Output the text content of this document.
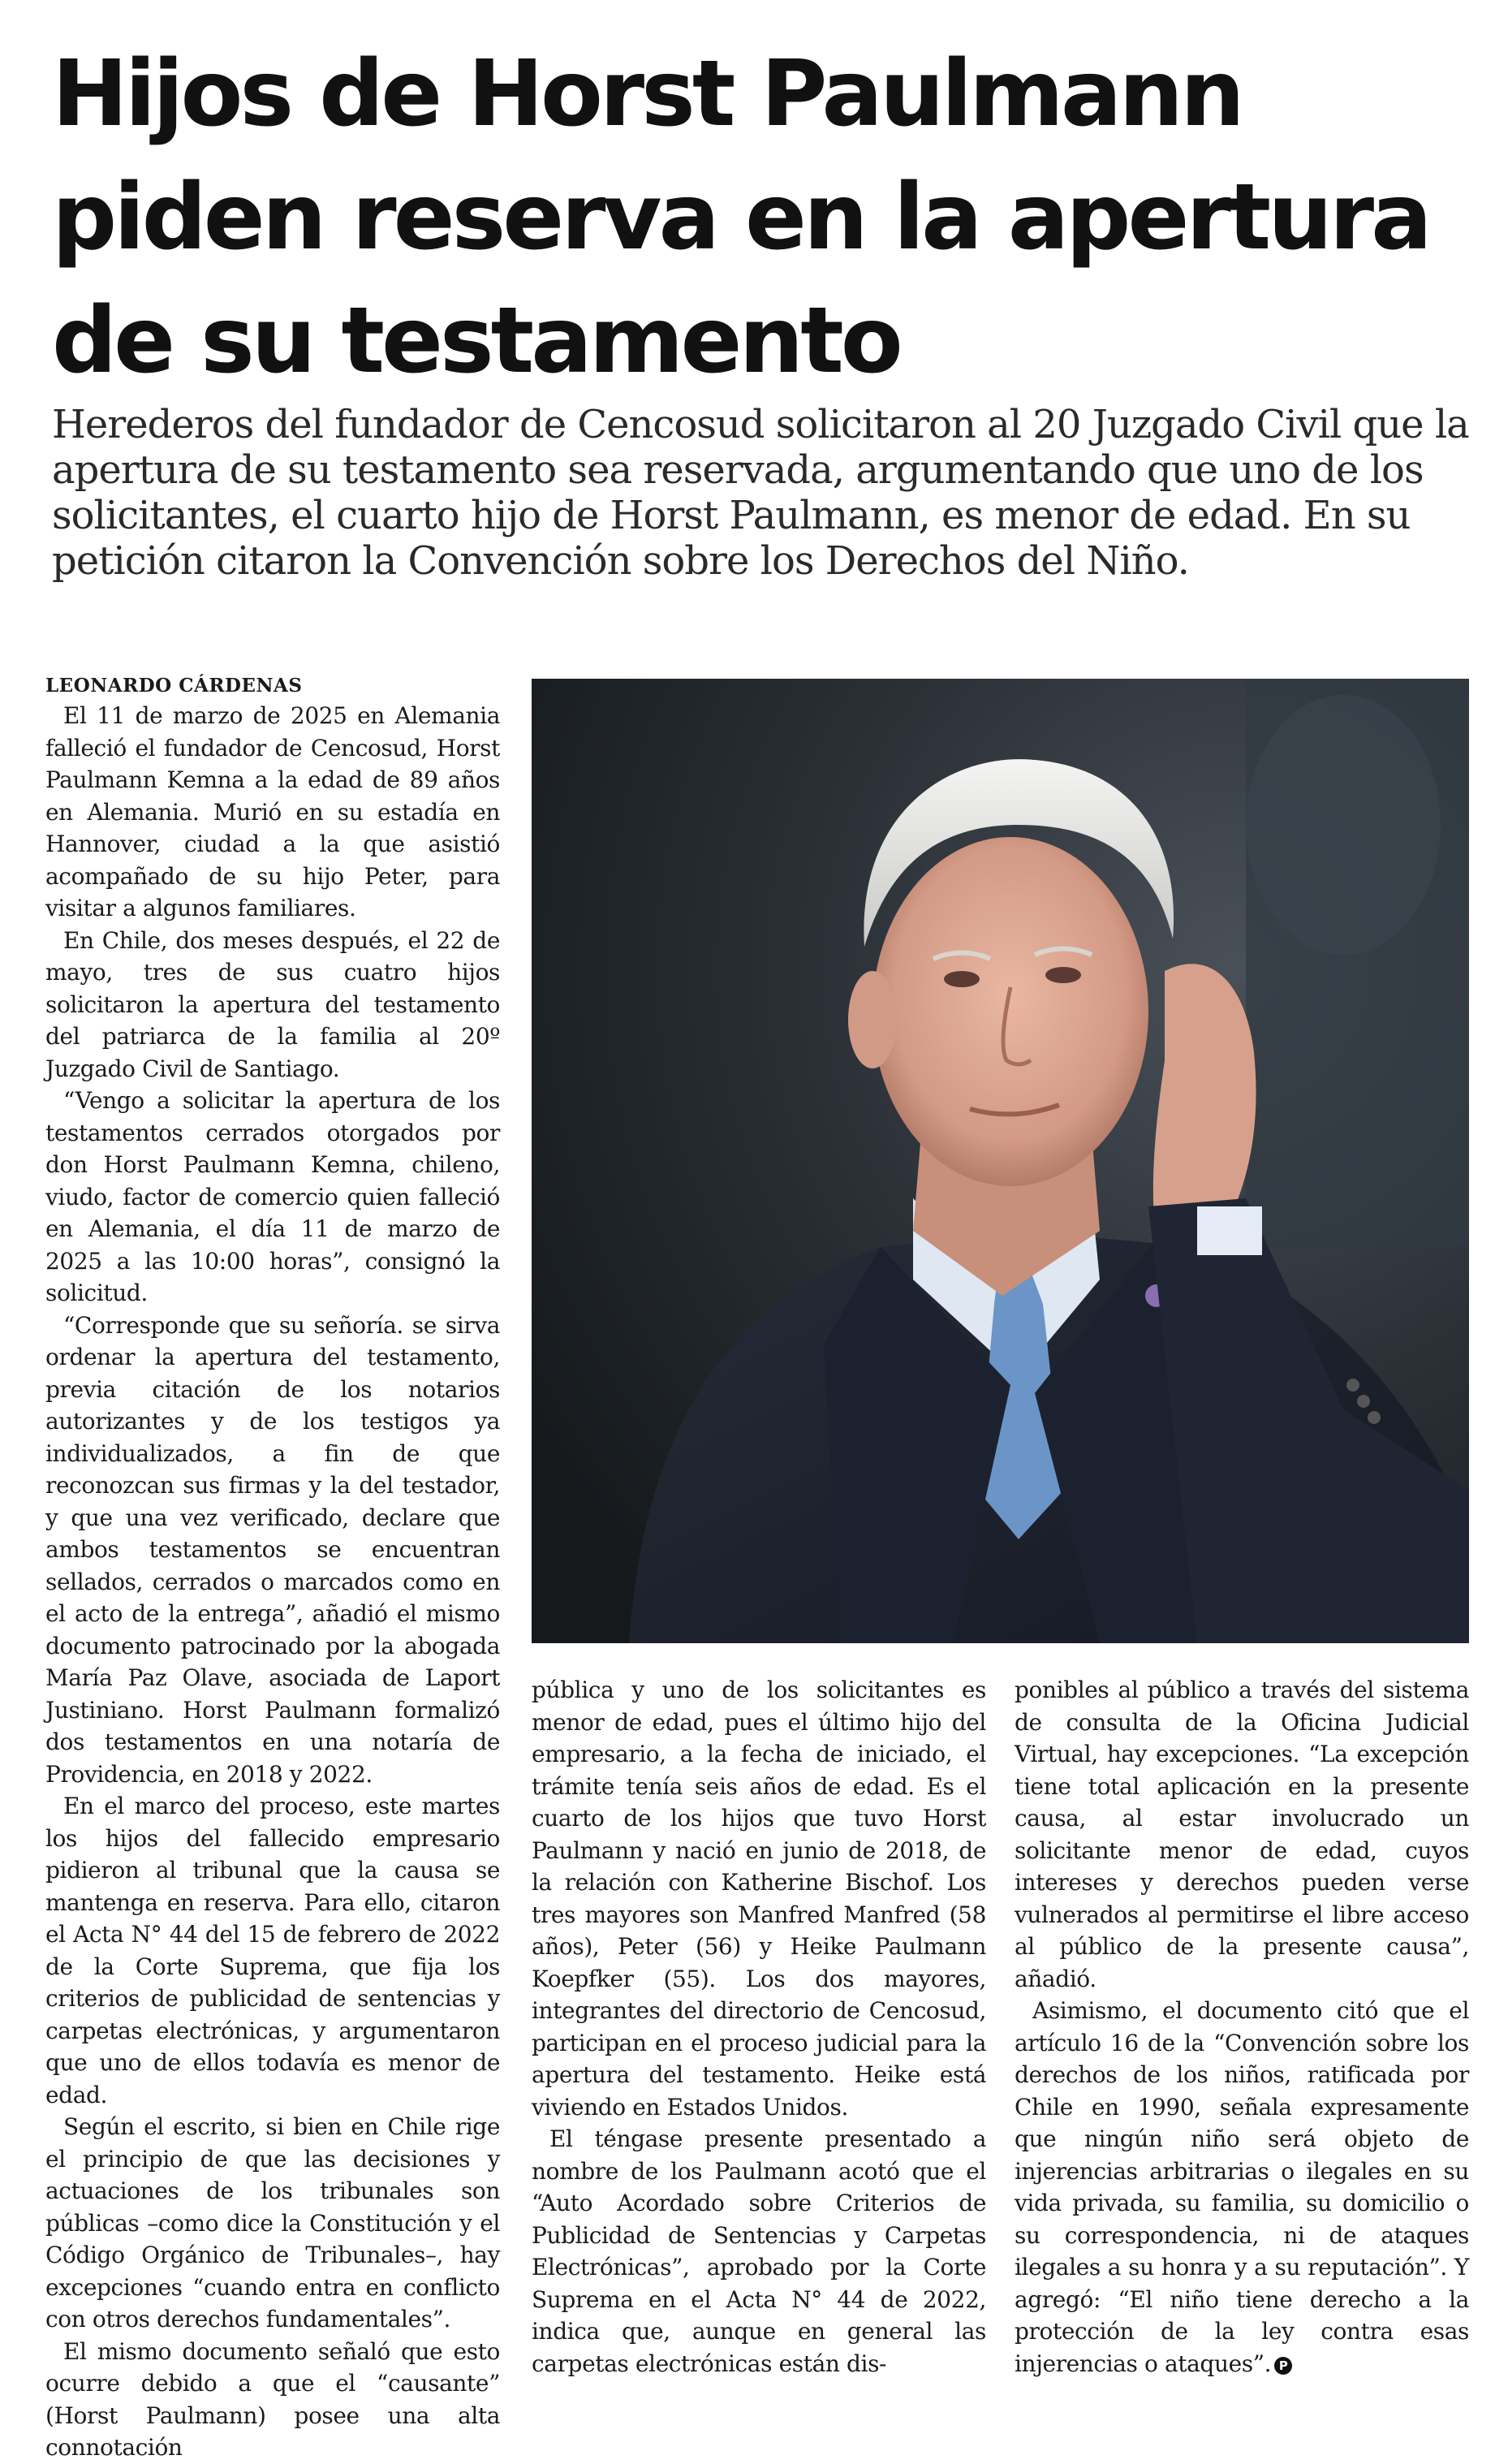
Hijos de Horst Paulmann piden reserva en la apertura de su testamento

Herederos del fundador de Cencosud solicitaron al 20 Juzgado Civil que la apertura de su testamento sea reservada, argumentando que uno de los solicitantes, el cuarto hijo de Horst Paulmann, es menor de edad. En su petición citaron la Convención sobre los Derechos del Niño.

LEONARDO CÁRDENAS

El 11 de marzo de 2025 en Alemania falleció el fundador de Cencosud, Horst Paulmann Kemna a la edad de 89 años en Alemania. Murió en su estadía en Hannover, ciudad a la que asistió acompañado de su hijo Peter, para visitar a algunos familiares.

En Chile, dos meses después, el 22 de mayo, tres de sus cuatro hijos solicitaron la apertura del testamento del patriarca de la familia al 20º Juzgado Civil de Santiago.

“Vengo a solicitar la apertura de los testamentos cerrados otorgados por don Horst Paulmann Kemna, chileno, viudo, factor de comercio quien falleció en Alemania, el día 11 de marzo de 2025 a las 10:00 horas”, consignó la solicitud.

“Corresponde que su señoría. se sirva ordenar la apertura del testamento, previa citación de los notarios autorizantes y de los testigos ya individualizados, a fin de que reconozcan sus firmas y la del testador, y que una vez verificado, declare que ambos testamentos se encuentran sellados, cerrados o marcados como en el acto de la entrega”, añadió el mismo documento patrocinado por la abogada María Paz Olave, asociada de Laport Justiniano. Horst Paulmann formalizó dos testamentos en una notaría de Providencia, en 2018 y 2022.

En el marco del proceso, este martes los hijos del fallecido empresario pidieron al tribunal que la causa se mantenga en reserva. Para ello, citaron el Acta N° 44 del 15 de febrero de 2022 de la Corte Suprema, que fija los criterios de publicidad de sentencias y carpetas electrónicas, y argumentaron que uno de ellos todavía es menor de edad.

Según el escrito, si bien en Chile rige el principio de que las decisiones y actuaciones de los tribunales son públicas –como dice la Constitución y el Código Orgánico de Tribunales–, hay excepciones “cuando entra en conflicto con otros derechos fundamentales”.

El mismo documento señaló que esto ocurre debido a que el “causante” (Horst Paulmann) posee una alta connotación

pública y uno de los solicitantes es menor de edad, pues el último hijo del empresario, a la fecha de iniciado, el trámite tenía seis años de edad. Es el cuarto de los hijos que tuvo Horst Paulmann y nació en junio de 2018, de la relación con Katherine Bischof. Los tres mayores son Manfred Manfred (58 años), Peter (56) y Heike Paulmann Koepfker (55). Los dos mayores, integrantes del directorio de Cencosud, participan en el proceso judicial para la apertura del testamento. Heike está viviendo en Estados Unidos.

El téngase presente presentado a nombre de los Paulmann acotó que el “Auto Acordado sobre Criterios de Publicidad de Sentencias y Carpetas Electrónicas”, aprobado por la Corte Suprema en el Acta N° 44 de 2022, indica que, aunque en general las carpetas electrónicas están dis-

ponibles al público a través del sistema de consulta de la Oficina Judicial Virtual, hay excepciones. “La excepción tiene total aplicación en la presente causa, al estar involucrado un solicitante menor de edad, cuyos intereses y derechos pueden verse vulnerados al permitirse el libre acceso al público de la presente causa”, añadió.

Asimismo, el documento citó que el artículo 16 de la “Convención sobre los derechos de los niños, ratificada por Chile en 1990, señala expresamente que ningún niño será objeto de injerencias arbitrarias o ilegales en su vida privada, su familia, su domicilio o su correspondencia, ni de ataques ilegales a su honra y a su reputación”. Y agregó: “El niño tiene derecho a la protección de la ley contra esas injerencias o ataques”. P
